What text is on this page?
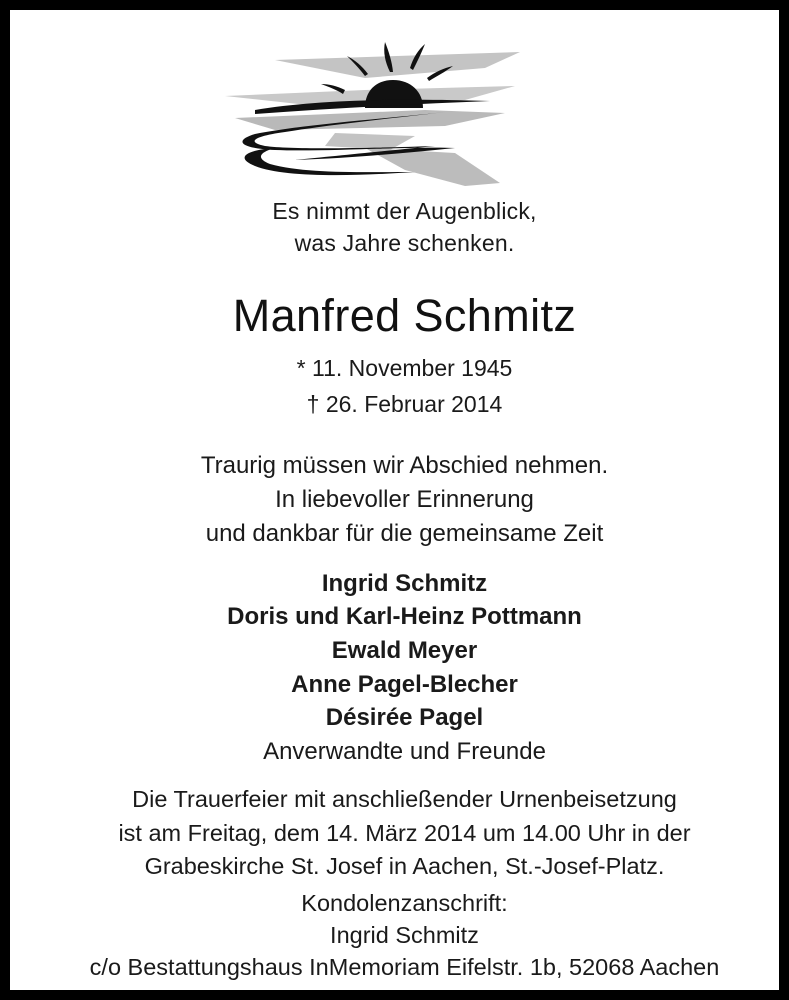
Es nimmt der Augenblick,
was Jahre schenken.
Manfred Schmitz
* 11. November 1945
† 26. Februar 2014
Traurig müssen wir Abschied nehmen.
In liebevoller Erinnerung
und dankbar für die gemeinsame Zeit
Ingrid Schmitz
Doris und Karl-Heinz Pottmann
Ewald Meyer
Anne Pagel-Blecher
Désirée Pagel
Anverwandte und Freunde
Die Trauerfeier mit anschließender Urnenbeisetzung
ist am Freitag, dem 14. März 2014 um 14.00 Uhr in der
Grabeskirche St. Josef in Aachen, St.-Josef-Platz.
Kondolenzanschrift:
Ingrid Schmitz
c/o Bestattungshaus InMemoriam Eifelstr. 1b, 52068 Aachen
